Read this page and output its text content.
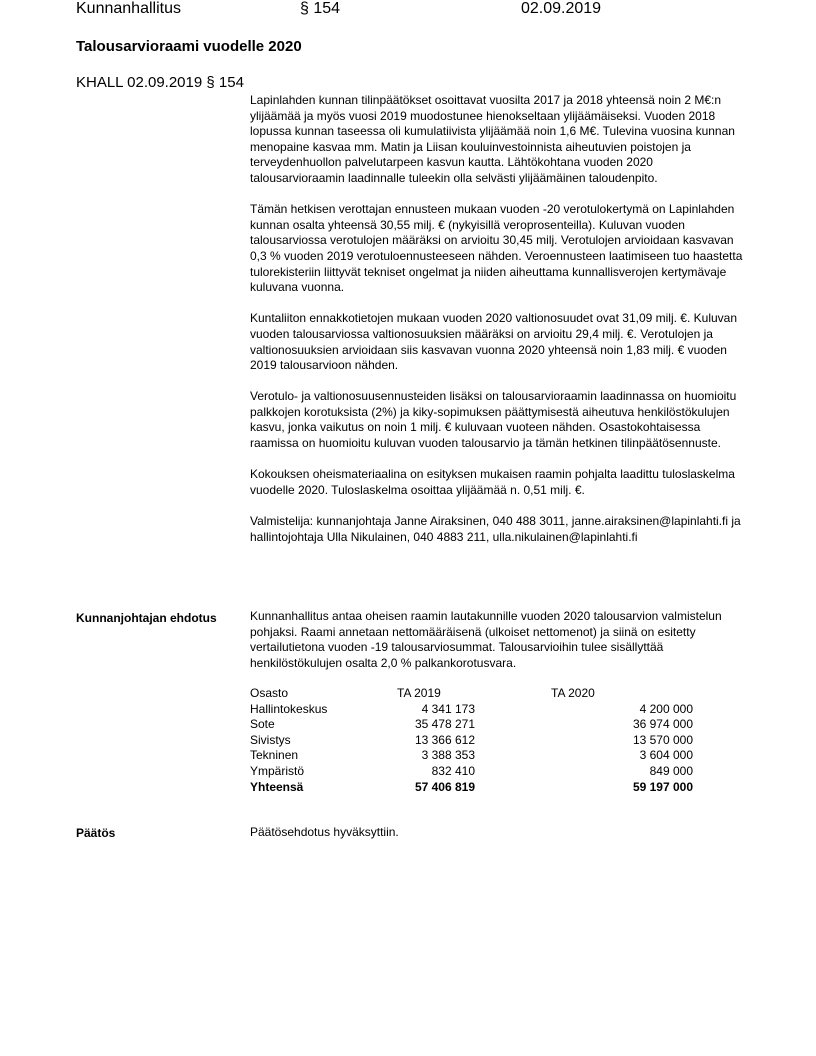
Kunnanhallitus	§ 154	02.09.2019
Talousarvioraami vuodelle 2020
KHALL 02.09.2019 § 154

Lapinlahden kunnan tilinpäätökset osoittavat vuosilta 2017 ja 2018 yhteensä noin 2 M€:n ylijäämää ja myös vuosi 2019 muodostunee hienokseltaan ylijäämäiseksi. Vuoden 2018 lopussa kunnan taseessa oli kumulatiivista ylijäämää noin 1,6 M€. Tulevina vuosina kunnan menopaine kasvaa mm. Matin ja Liisan kouluinvestoinnista aiheutuvien poistojen ja terveydenhuollon palvelutarpeen kasvun kautta. Lähtökohtana vuoden 2020 talousarvioraamin laadinnalle tuleekin olla selvästi ylijäämäinen taloudenpito.

Tämän hetkisen verottajan ennusteen mukaan vuoden -20 verotulokertymä on Lapinlahden kunnan osalta yhteensä 30,55 milj. € (nykyisillä veroprosenteilla). Kuluvan vuoden talousarviossa verotulojen määräksi on arvioitu 30,45 milj. Verotulojen arvioidaan kasvavan 0,3 % vuoden 2019 verotuloennusteeseen nähden. Veroennusteen laatimiseen tuo haastetta tulorekisteriin liittyvät tekniset ongelmat ja niiden aiheuttama kunnallisverojen kertymävaje kuluvana vuonna.

Kuntaliiton ennakkotietojen mukaan vuoden 2020 valtionosuudet ovat 31,09 milj. €. Kuluvan vuoden talousarviossa valtionosuuksien määräksi on arvioitu 29,4 milj. €. Verotulojen ja valtionosuuksien arvioidaan siis kasvavan vuonna 2020 yhteensä noin 1,83 milj. € vuoden 2019 talousarvioon nähden.

Verotulo- ja valtionosuusennusteiden lisäksi on talousarvioraamin laadinnassa on huomioitu palkkojen korotuksista (2%) ja kiky-sopimuksen päättymisestä aiheutuva henkilöstökulujen kasvu, jonka vaikutus on noin 1 milj. € kuluvaan vuoteen nähden. Osastokohtaisessa raamissa on huomioitu kuluvan vuoden talousarvio ja tämän hetkinen tilinpäätösennuste.

Kokouksen oheismateriaalina on esityksen mukaisen raamin pohjalta laadittu tuloslaskelma vuodelle 2020. Tuloslaskelma osoittaa ylijäämää n. 0,51 milj. €.

Valmistelija: kunnanjohtaja Janne Airaksinen, 040 488 3011, janne.airaksinen@lapinlahti.fi ja hallintojohtaja Ulla Nikulainen, 040 4883 211, ulla.nikulainen@lapinlahti.fi

Kunnanjohtajan ehdotus	Kunnanhallitus antaa oheisen raamin lautakunnille vuoden 2020 talousarvion valmistelun pohjaksi. Raami annetaan nettomääräisenä (ulkoiset nettomenot) ja siinä on esitetty vertailutietona vuoden -19 talousarviosummat. Talousarvioihin tulee sisällyttää henkilöstökulujen osalta 2,0 % palkankorotusvara.
Osasto	TA 2019	TA 2020
Hallintokeskus	4 341 173	4 200 000
Sote	35 478 271	36 974 000
Sivistys	13 366 612	13 570 000
Tekninen	3 388 353	3 604 000
Ympäristö	832 410	849 000
Yhteensä	57 406 819	59 197 000
Päätös	Päätösehdotus hyväksyttiin.
